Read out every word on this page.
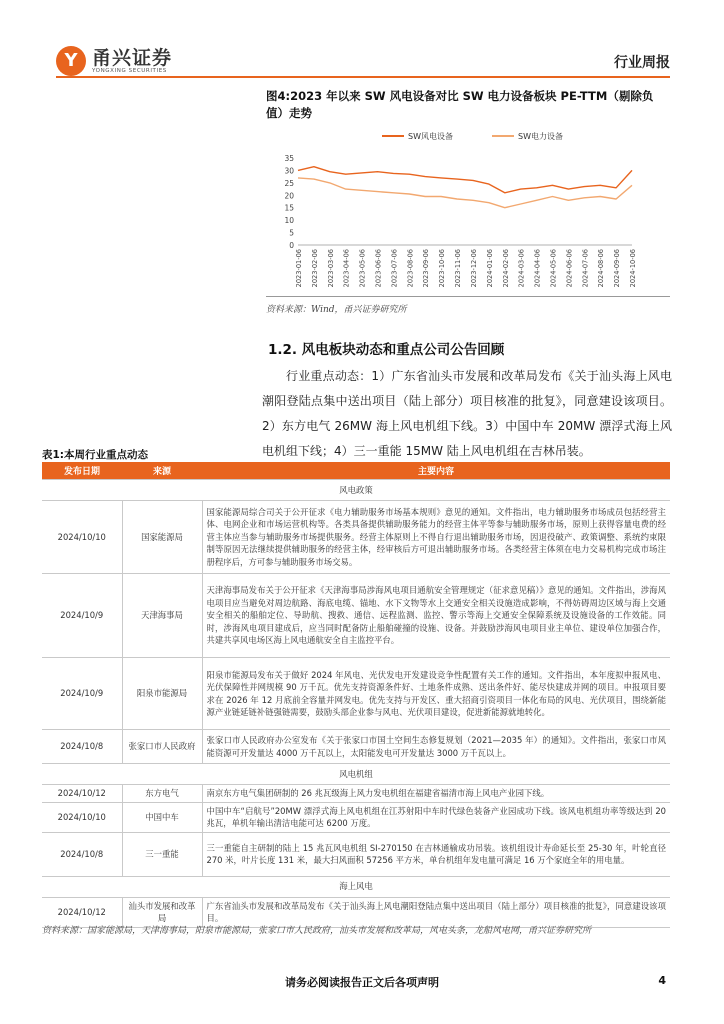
Y 甬兴证券
YONGXING SECURITIES	行业周报
图4:2023 年以来 SW 风电设备对比 SW 电力设备板块 PE-TTM（剔除负值）走势
SW风电设备	SW电力设备
0
5
10
15
20
25
30
35
2023-01-06 2023-02-06 2023-03-06 2023-04-06 2023-05-06 2023-06-06 2023-07-06 2023-08-06 2023-09-06 2023-10-06 2023-11-06 2023-12-06 2024-01-06 2024-02-06 2024-03-06 2024-04-06 2024-05-06 2024-06-06 2024-07-06 2024-08-06 2024-09-06 2024-10-06
资料来源：Wind，甬兴证券研究所
1.2. 风电板块动态和重点公司公告回顾
行业重点动态：1）广东省汕头市发展和改革局发布《关于汕头海上风电潮阳登陆点集中送出项目（陆上部分）项目核准的批复》，同意建设该项目。2）东方电气 26MW 海上风电机组下线。3）中国中车 20MW 漂浮式海上风电机组下线；4）三一重能 15MW 陆上风电机组在吉林吊装。
表1:本周行业重点动态
发布日期	来源	主要内容
风电政策		
2024/10/10	国家能源局	国家能源局综合司关于公开征求《电力辅助服务市场基本规则》意见的通知。文件指出，电力辅助服务市场成员包括经营主体、电网企业和市场运营机构等。各类具备提供辅助服务能力的经营主体平等参与辅助服务市场，原则上获得容量电费的经营主体应当参与辅助服务市场提供服务。经营主体原则上不得自行退出辅助服务市场，因退役破产、政策调整、系统约束限制等原因无法继续提供辅助服务的经营主体，经审核后方可退出辅助服务市场。各类经营主体须在电力交易机构完成市场注册程序后，方可参与辅助服务市场交易。
2024/10/9	天津海事局	天津海事局发布关于公开征求《天津海事局涉海风电项目通航安全管理规定（征求意见稿）》意见的通知。文件指出，涉海风电项目应当避免对周边航路、海底电缆、锚地、水下文物等水上交通安全相关设施造成影响，不得妨碍周边区域与海上交通安全相关的船舶定位、导助航、搜救、通信、远程监测、监控、警示等海上交通安全保障系统及设施设备的工作效能。同时，涉海风电项目建成后，应当同时配备防止船舶碰撞的设施、设备。并鼓励涉海风电项目业主单位、建设单位加强合作，共建共享风电场区海上风电通航安全自主监控平台。
2024/10/9	阳泉市能源局	阳泉市能源局发布关于做好 2024 年风电、光伏发电开发建设竞争性配置有关工作的通知。文件指出，本年度拟申报风电、光伏保障性并网规模 90 万千瓦。优先支持资源条件好、土地条件成熟、送出条件好、能尽快建成并网的项目。申报项目要求在 2026 年 12 月底前全容量并网发电。优先支持与开发区、重大招商引资项目一体化布局的风电、光伏项目，围绕新能源产业链延链补链强链需要，鼓励头部企业参与风电、光伏项目建设，促进新能源就地转化。
2024/10/8	张家口市人民政府	张家口市人民政府办公室发布《关于张家口市国土空间生态修复规划（2021—2035 年）的通知》。文件指出，张家口市风能资源可开发量达 4000 万千瓦以上，太阳能发电可开发量达 3000 万千瓦以上。
风电机组		
2024/10/12	东方电气	南京东方电气集团研制的 26 兆瓦级海上风力发电机组在福建省福清市海上风电产业园下线。
2024/10/10	中国中车	中国中车“启航号”20MW 漂浮式海上风电机组在江苏射阳中车时代绿色装备产业园成功下线。该风电机组功率等级达到 20 兆瓦，单机年输出清洁电能可达 6200 万度。
2024/10/8	三一重能	三一重能自主研制的陆上 15 兆瓦风电机组 SI-270150 在吉林通榆成功吊装。该机组设计寿命延长至 25-30 年，叶轮直径 270 米，叶片长度 131 米，最大扫风面积 57256 平方米，单台机组年发电量可满足 16 万个家庭全年的用电量。
海上风电		
2024/10/12	汕头市发展和改革局	广东省汕头市发展和改革局发布《关于汕头海上风电潮阳登陆点集中送出项目（陆上部分）项目核准的批复》，同意建设该项目。
资料来源：国家能源局，天津海事局，阳泉市能源局，张家口市人民政府，汕头市发展和改革局，风电头条，龙船风电网，甬兴证券研究所
请务必阅读报告正文后各项声明	4
